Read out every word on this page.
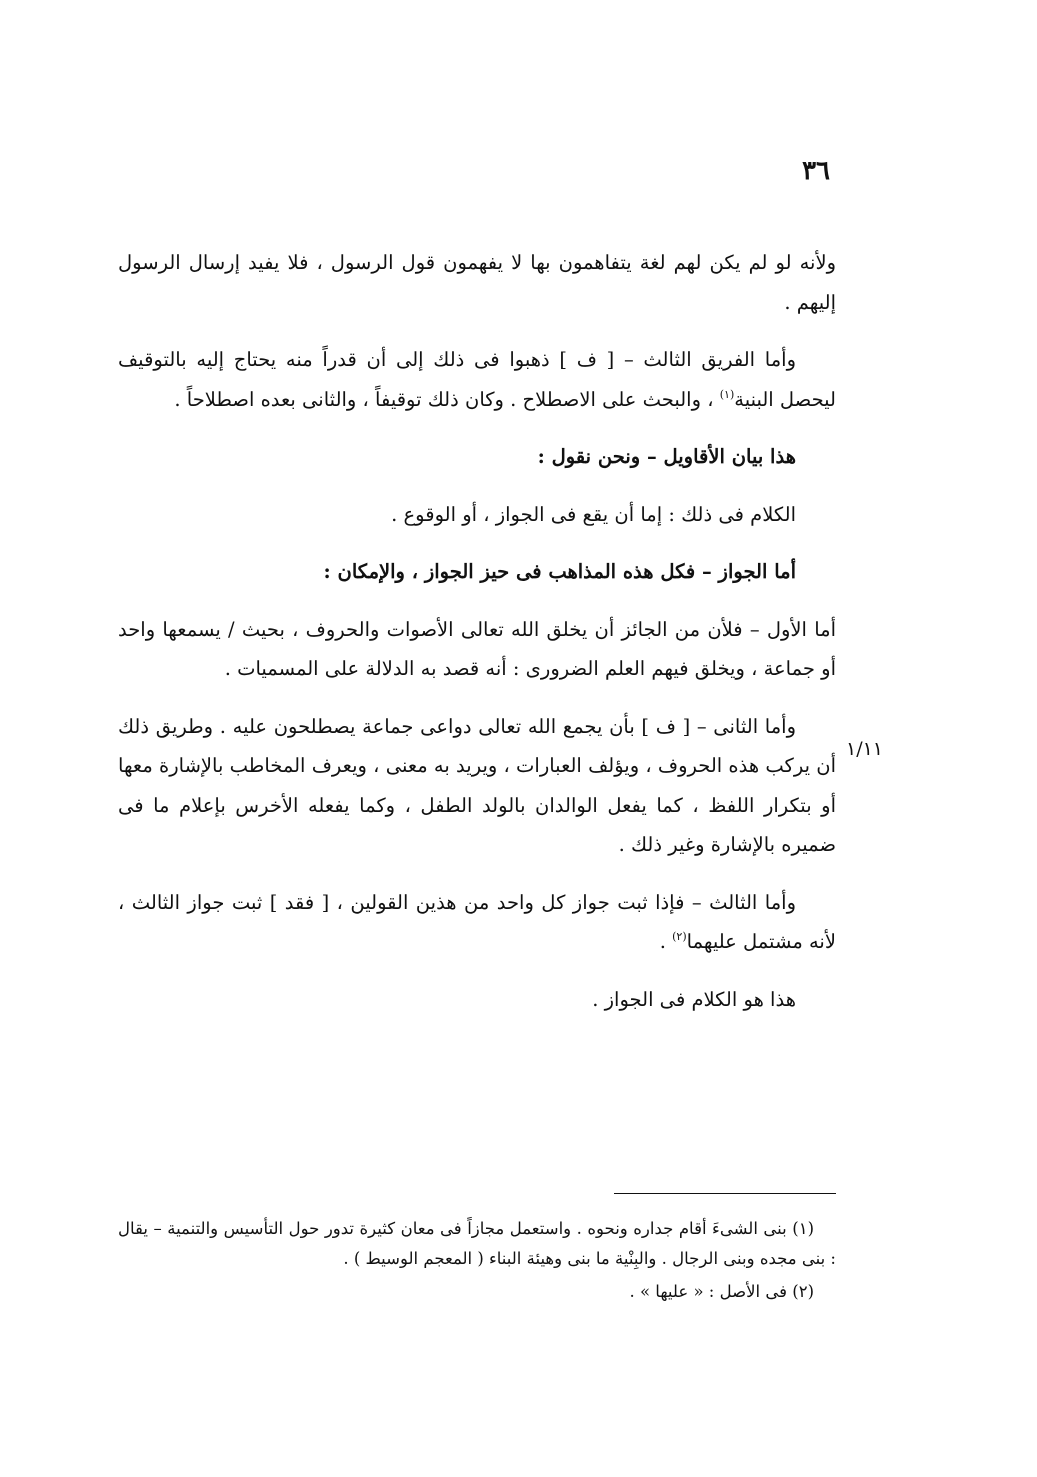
٣٦

ولأنه لو لم يكن لهم لغة يتفاهمون بها لا يفهمون قول الرسول ، فلا يفيد إرسال الرسول إليهم .

وأما الفريق الثالث – [ ف ] ذهبوا فى ذلك إلى أن قدراً منه يحتاج إليه بالتوقيف ليحصل البنية$^{(١)}$ ، والبحث على الاصطلاح . وكان ذلك توقيفاً ، والثانى بعده اصطلاحاً .

هذا بيان الأقاويل – ونحن نقول :

الكلام فى ذلك : إما أن يقع فى الجواز ، أو الوقوع .

أما الجواز – فكل هذه المذاهب فى حيز الجواز ، والإمكان :

أما الأول – فلأن من الجائز أن يخلق الله تعالى الأصوات والحروف ، بحيث / يسمعها واحد أو جماعة ، ويخلق فيهم العلم الضرورى : أنه قصد به الدلالة على المسميات .

وأما الثانى – [ ف ] بأن يجمع الله تعالى دواعى جماعة يصطلحون عليه . وطريق ذلك أن يركب هذه الحروف ، ويؤلف العبارات ، ويريد به معنى ، ويعرف المخاطب بالإشارة معها أو بتكرار اللفظ ، كما يفعل الوالدان بالولد الطفل ، وكما يفعله الأخرس بإعلام ما فى ضميره بالإشارة وغير ذلك .

وأما الثالث – فإذا ثبت جواز كل واحد من هذين القولين ، [ فقد ] ثبت جواز الثالث ، لأنه مشتمل عليهما$^{(٢)}$ .

هذا هو الكلام فى الجواز .

١/١١

(١) بنى الشىءَ أقام جداره ونحوه . واستعمل مجازاً فى معان كثيرة تدور حول التأسيس والتنمية – يقال : بنى مجده وبنى الرجال . والبِنْية ما بنى وهيئة البناء ( المعجم الوسيط ) .

(٢) فى الأصل : « عليها » .
